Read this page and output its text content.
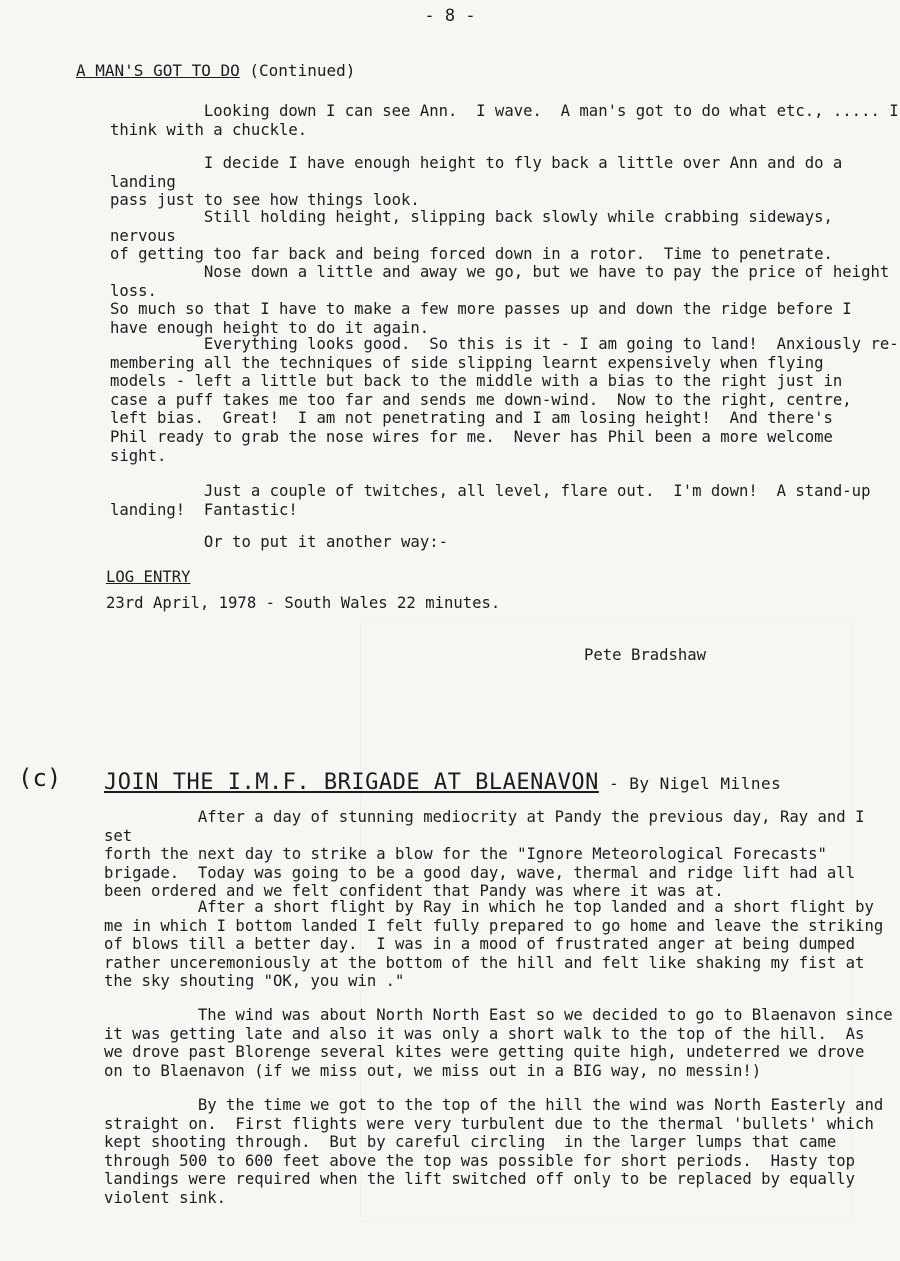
- 8 -
A MAN'S GOT TO DO (Continued)

Looking down I can see Ann.  I wave.  A man's got to do what etc., ..... I
think with a chuckle.

I decide I have enough height to fly back a little over Ann and do a landing
pass just to see how things look.

Still holding height, slipping back slowly while crabbing sideways, nervous
of getting too far back and being forced down in a rotor.  Time to penetrate.

Nose down a little and away we go, but we have to pay the price of height loss.
So much so that I have to make a few more passes up and down the ridge before I
have enough height to do it again.

Everything looks good.  So this is it - I am going to land!  Anxiously re-
membering all the techniques of side slipping learnt expensively when flying
models - left a little but back to the middle with a bias to the right just in
case a puff takes me too far and sends me down-wind.  Now to the right, centre,
left bias.  Great!  I am not penetrating and I am losing height!  And there's
Phil ready to grab the nose wires for me.  Never has Phil been a more welcome
sight.

Just a couple of twitches, all level, flare out.  I'm down!  A stand-up
landing!  Fantastic!

Or to put it another way:-

LOG ENTRY
23rd April, 1978 - South Wales 22 minutes.
Pete Bradshaw
(c) JOIN THE I.M.F. BRIGADE AT BLAENAVON - By Nigel Milnes

After a day of stunning mediocrity at Pandy the previous day, Ray and I set
forth the next day to strike a blow for the "Ignore Meteorological Forecasts"
brigade.  Today was going to be a good day, wave, thermal and ridge lift had all
been ordered and we felt confident that Pandy was where it was at.

After a short flight by Ray in which he top landed and a short flight by
me in which I bottom landed I felt fully prepared to go home and leave the striking
of blows till a better day.  I was in a mood of frustrated anger at being dumped
rather unceremoniously at the bottom of the hill and felt like shaking my fist at
the sky shouting "OK, you win ."

The wind was about North North East so we decided to go to Blaenavon since
it was getting late and also it was only a short walk to the top of the hill.  As
we drove past Blorenge several kites were getting quite high, undeterred we drove
on to Blaenavon (if we miss out, we miss out in a BIG way, no messin!)

By the time we got to the top of the hill the wind was North Easterly and
straight on.  First flights were very turbulent due to the thermal 'bullets' which
kept shooting through.  But by careful circling  in the larger lumps that came
through 500 to 600 feet above the top was possible for short periods.  Hasty top
landings were required when the lift switched off only to be replaced by equally
violent sink.
